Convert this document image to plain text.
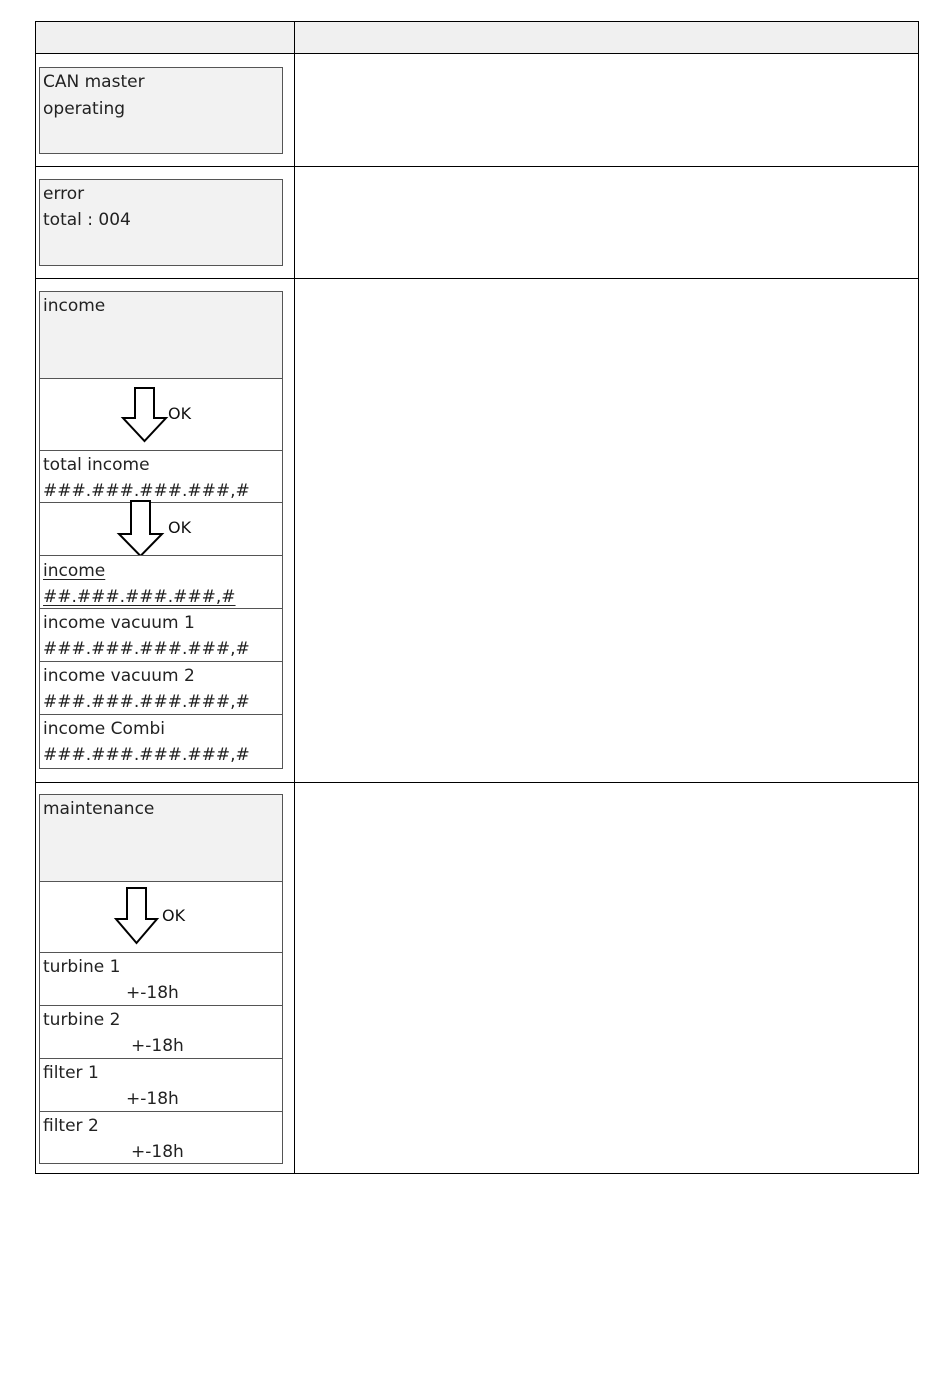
CAN master
operating
error
total : 004
income
OK
total income
###.###.###.###,#
OK
income
##.###.###.###,#
income vacuum 1
###.###.###.###,#
income vacuum 2
###.###.###.###,#
income Combi
###.###.###.###,#
maintenance
OK
turbine 1
+-18h
turbine 2
+-18h
filter 1
+-18h
filter 2
+-18h
